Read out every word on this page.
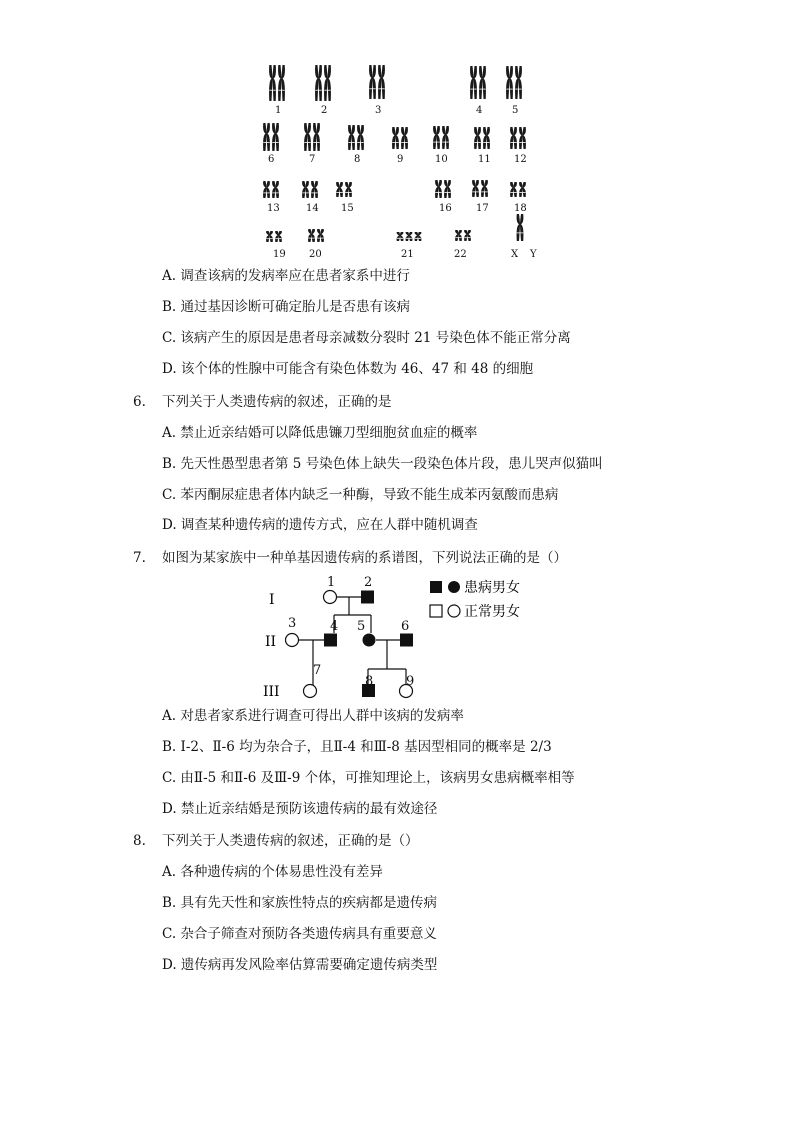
1	2	3	4	5
6	7	8	9	10	11 12
13	14 15	16 17	18
19 20	21	22	X Y
A. 调查该病的发病率应在患者家系中进行
B. 通过基因诊断可确定胎儿是否患有该病
C. 该病产生的原因是患者母亲减数分裂时 21 号染色体不能正常分离
D. 该个体的性腺中可能含有染色体数为 46、47 和 48 的细胞
6. 下列关于人类遗传病的叙述，正确的是
A. 禁止近亲结婚可以降低患镰刀型细胞贫血症的概率
B. 先天性愚型患者第 5 号染色体上缺失一段染色体片段，患儿哭声似猫叫
C. 苯丙酮尿症患者体内缺乏一种酶，导致不能生成苯丙氨酸而患病
D. 调查某种遗传病的遗传方式，应在人群中随机调查
7. 如图为某家族中一种单基因遗传病的系谱图，下列说法正确的是（）
I
II
III
1 2
3	4 5	6
7
8	9
患病男女
正常男女
A. 对患者家系进行调查可得出人群中该病的发病率
B. I-2、Ⅱ-6 均为杂合子，且Ⅱ-4 和Ⅲ-8 基因型相同的概率是 2/3
C. 由Ⅱ-5 和Ⅱ-6 及Ⅲ-9 个体，可推知理论上，该病男女患病概率相等
D. 禁止近亲结婚是预防该遗传病的最有效途径
8. 下列关于人类遗传病的叙述，正确的是（）
A. 各种遗传病的个体易患性没有差异
B. 具有先天性和家族性特点的疾病都是遗传病
C. 杂合子筛查对预防各类遗传病具有重要意义
D. 遗传病再发风险率估算需要确定遗传病类型
